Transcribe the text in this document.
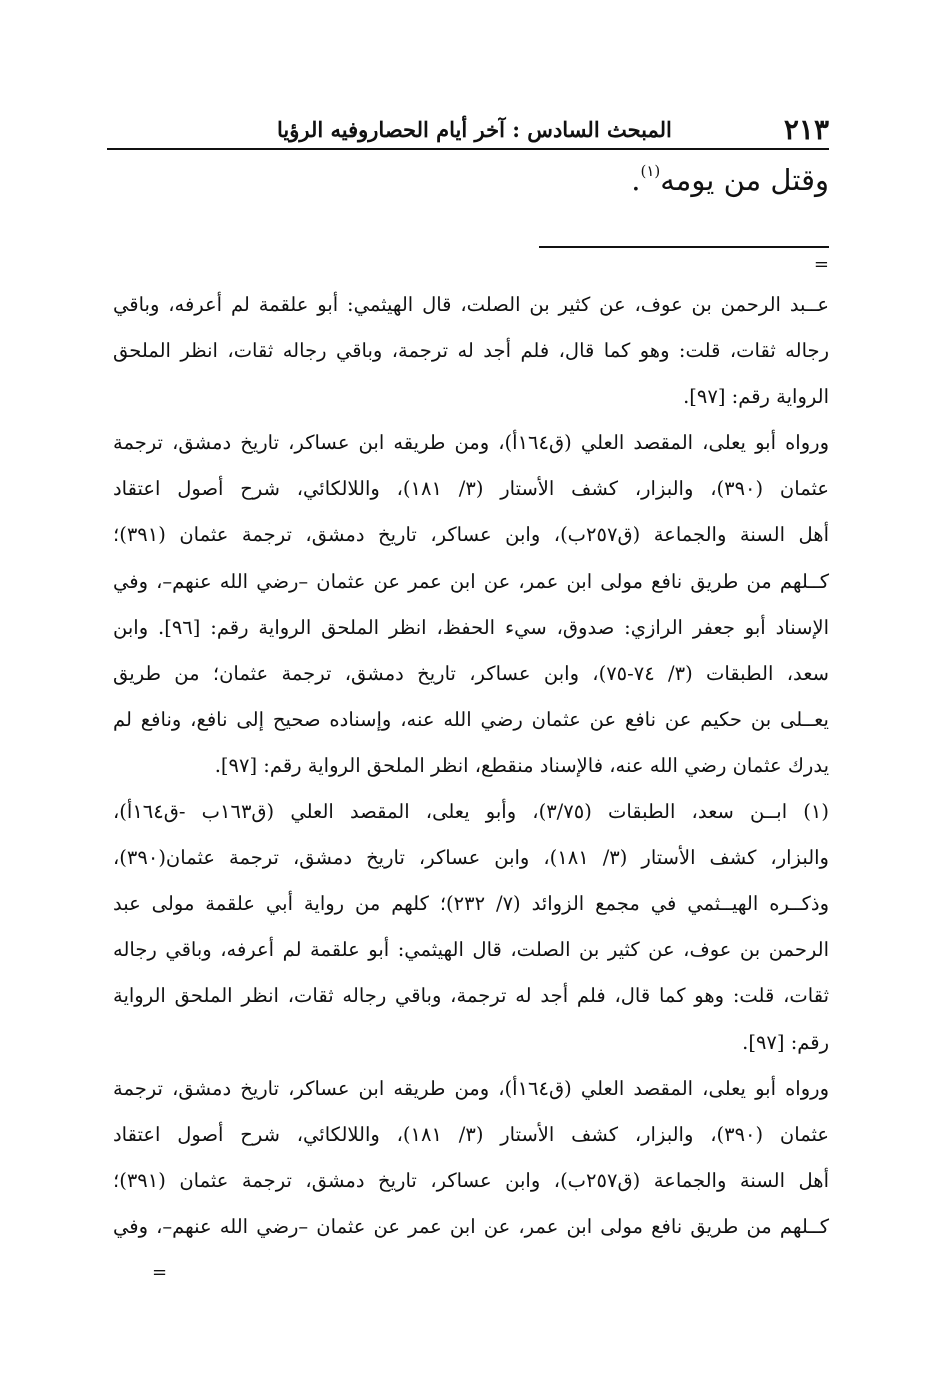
٢١٣
المبحث السادس : آخر أيام الحصاروفيه الرؤيا
وقتل من يومه$^{(١)}$.
=

عــبد الرحمن بن عوف، عن كثير بن الصلت، قال الهيثمي: أبو علقمة لم أعرفه، وباقي

رجاله ثقات، قلت: وهو كما قال، فلم أجد له ترجمة، وباقي رجاله ثقات، انظر الملحق

الرواية رقم: [٩٧].

ورواه أبو يعلى، المقصد العلي (ق١٦٤أ)، ومن طريقه ابن عساكر، تاريخ دمشق، ترجمة

عثمان (٣٩٠)، والبزار، كشف الأستار (٣/ ١٨١)، واللالكائي، شرح أصول اعتقاد

أهل السنة والجماعة (ق٢٥٧ب)، وابن عساكر، تاريخ دمشق، ترجمة عثمان (٣٩١)؛

كــلهم من طريق نافع مولى ابن عمر، عن ابن عمر عن عثمان –رضي الله عنهم–، وفي

الإسناد أبو جعفر الرازي: صدوق، سيء الحفظ، انظر الملحق الرواية رقم: [٩٦]. وابن

سعد، الطبقات (٣/ ٧٤-٧٥)، وابن عساكر، تاريخ دمشق، ترجمة عثمان؛ من طريق

يعــلى بن حكيم عن نافع عن عثمان رضي الله عنه، وإسناده صحيح إلى نافع، ونافع لم

يدرك عثمان رضي الله عنه، فالإسناد منقطع، انظر الملحق الرواية رقم: [٩٧].

(١) ابــن سعد، الطبقات (٣/٧٥)، وأبو يعلى، المقصد العلي (ق١٦٣ب -ق١٦٤أ)،

والبزار، كشف الأستار (٣/ ١٨١)، وابن عساكر، تاريخ دمشق، ترجمة عثمان(٣٩٠)،

وذكــره الهيــثمي في مجمع الزوائد (٧/ ٢٣٢)؛ كلهم من رواية أبي علقمة مولى عبد

الرحمن بن عوف، عن كثير بن الصلت، قال الهيثمي: أبو علقمة لم أعرفه، وباقي رجاله

ثقات، قلت: وهو كما قال، فلم أجد له ترجمة، وباقي رجاله ثقات، انظر الملحق الرواية

رقم: [٩٧].

ورواه أبو يعلى، المقصد العلي (ق١٦٤أ)، ومن طريقه ابن عساكر، تاريخ دمشق، ترجمة

عثمان (٣٩٠)، والبزار، كشف الأستار (٣/ ١٨١)، واللالكائي، شرح أصول اعتقاد

أهل السنة والجماعة (ق٢٥٧ب)، وابن عساكر، تاريخ دمشق، ترجمة عثمان (٣٩١)؛

كــلهم من طريق نافع مولى ابن عمر، عن ابن عمر عن عثمان –رضي الله عنهم–، وفي

=
